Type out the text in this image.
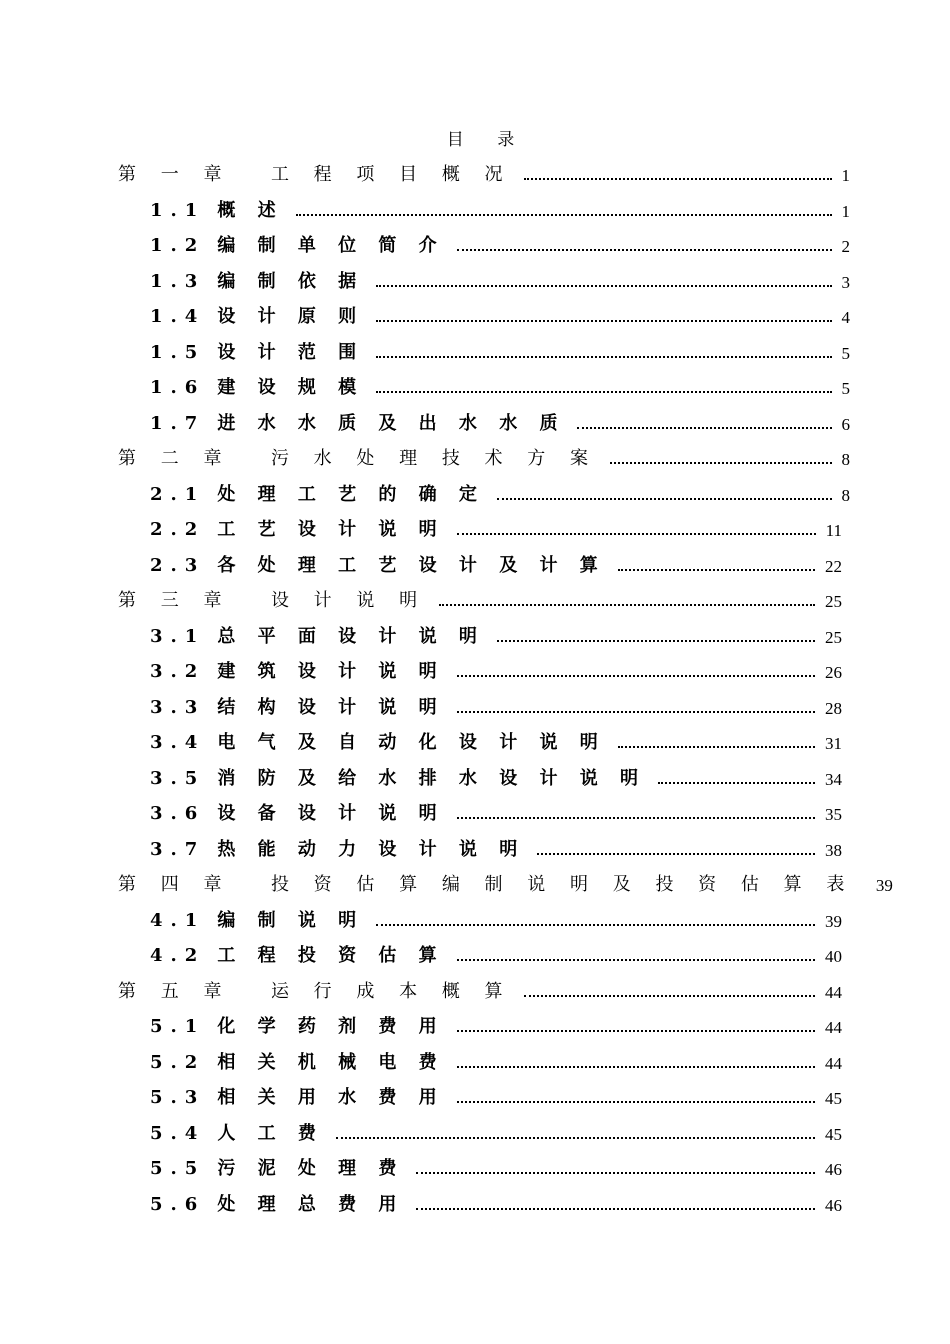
目 录
第 一 章 工 程 项 目 概 况	1
1.1 概 述	1
1.2 编 制 单 位 简 介	2
1.3 编 制 依 据	3
1.4 设 计 原 则	4
1.5 设 计 范 围	5
1.6 建 设 规 模	5
1.7 进 水 水 质 及 出 水 水 质	6
第 二 章 污 水 处 理 技 术 方 案	8
2.1 处 理 工 艺 的 确 定	8
2.2 工 艺 设 计 说 明	11
2.3 各 处 理 工 艺 设 计 及 计 算	22
第 三 章 设 计 说 明	25
3.1 总 平 面 设 计 说 明	25
3.2 建 筑 设 计 说 明	26
3.3 结 构 设 计 说 明	28
3.4 电 气 及 自 动 化 设 计 说 明	31
3.5 消 防 及 给 水 排 水 设 计 说 明	34
3.6 设 备 设 计 说 明	35
3.7 热 能 动 力 设 计 说 明	38
第 四 章 投 资 估 算 编 制 说 明 及 投 资 估 算 表	39
4.1 编 制 说 明	39
4.2 工 程 投 资 估 算	40
第 五 章 运 行 成 本 概 算	44
5.1 化 学 药 剂 费 用	44
5.2 相 关 机 械 电 费	44
5.3 相 关 用 水 费 用	45
5.4 人 工 费	45
5.5 污 泥 处 理 费	46
5.6 处 理 总 费 用	46
